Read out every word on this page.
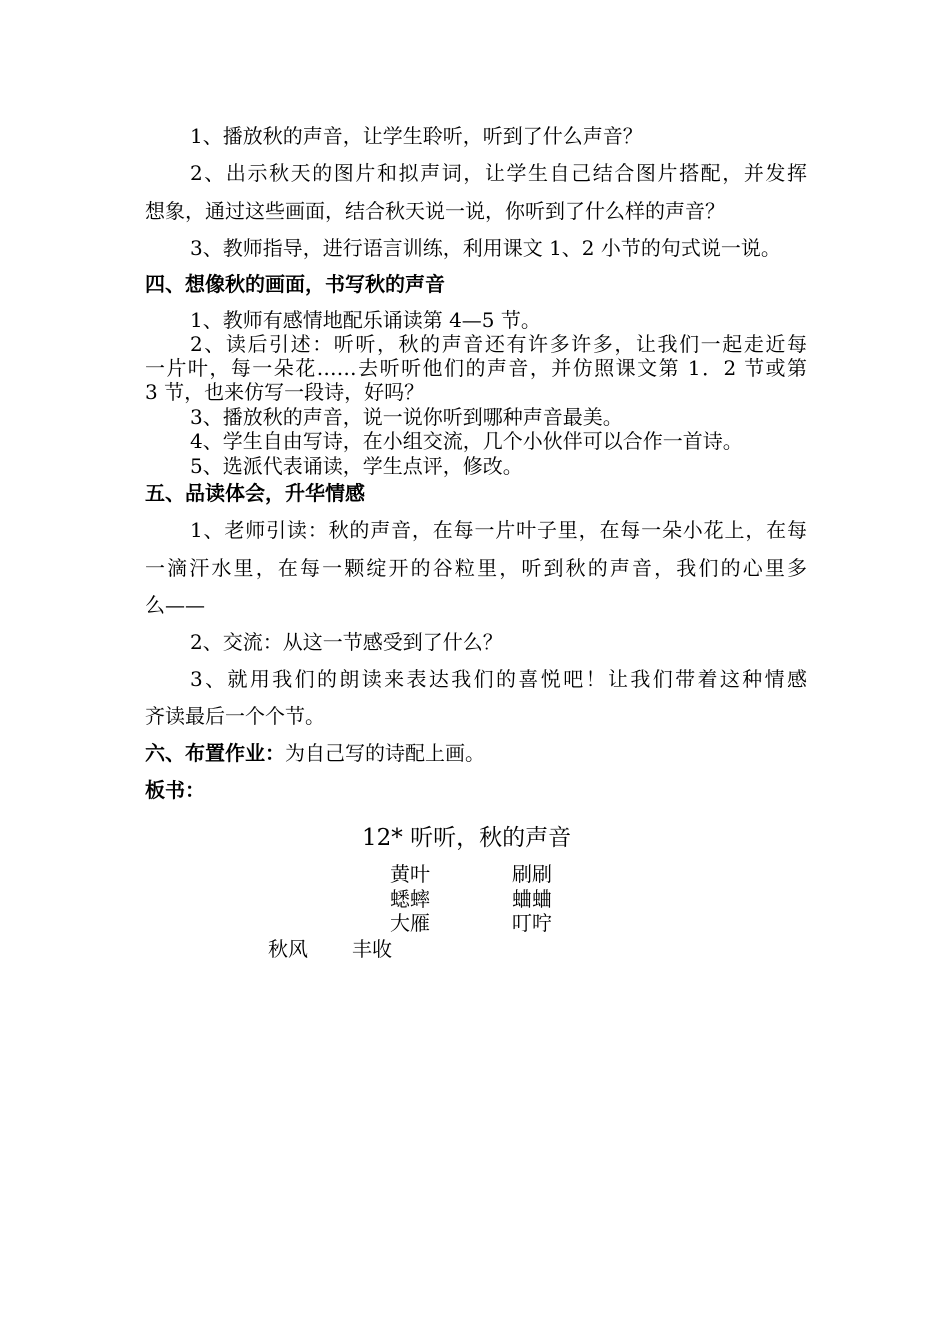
1、播放秋的声音，让学生聆听，听到了什么声音？
2、出示秋天的图片和拟声词，让学生自己结合图片搭配，并发挥
想象，通过这些画面，结合秋天说一说，你听到了什么样的声音？
3、教师指导，进行语言训练，利用课文 1、2 小节的句式说一说。
四、想像秋的画面，书写秋的声音
1、教师有感情地配乐诵读第 4—5 节。
2、读后引述：听听，秋的声音还有许多许多，让我们一起走近每
一片叶，每一朵花……去听听他们的声音，并仿照课文第 1．2 节或第
3 节，也来仿写一段诗，好吗？
3、播放秋的声音，说一说你听到哪种声音最美。
4、学生自由写诗，在小组交流，几个小伙伴可以合作一首诗。
5、选派代表诵读，学生点评，修改。
五、品读体会，升华情感
1、老师引读：秋的声音，在每一片叶子里，在每一朵小花上，在每
一滴汗水里，在每一颗绽开的谷粒里，听到秋的声音，我们的心里多
么——
2、交流：从这一节感受到了什么？
3、就用我们的朗读来表达我们的喜悦吧！让我们带着这种情感
齐读最后一个个节。
六、布置作业：为自己写的诗配上画。
板书：
12* 听听，秋的声音
黄叶	刷刷
蟋蟀	蛐蛐
大雁	叮咛
秋风 丰收
